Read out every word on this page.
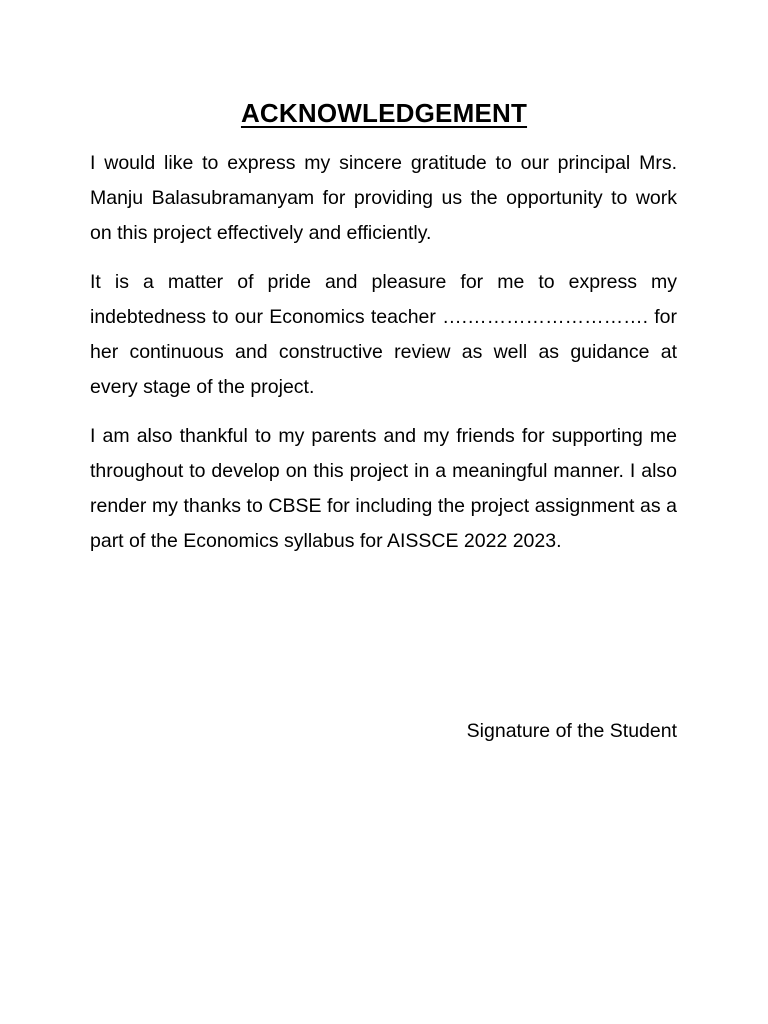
ACKNOWLEDGEMENT

I would like to express my sincere gratitude to our principal Mrs. Manju Balasubramanyam for providing us the opportunity to work on this project effectively and efficiently.

It is a matter of pride and pleasure for me to express my indebtedness to our Economics teacher ….………………………. for her continuous and constructive review as well as guidance at every stage of the project.

I am also thankful to my parents and my friends for supporting me throughout to develop on this project in a meaningful manner. I also render my thanks to CBSE for including the project assignment as a part of the Economics syllabus for AISSCE 2022 2023.

Signature of the Student
